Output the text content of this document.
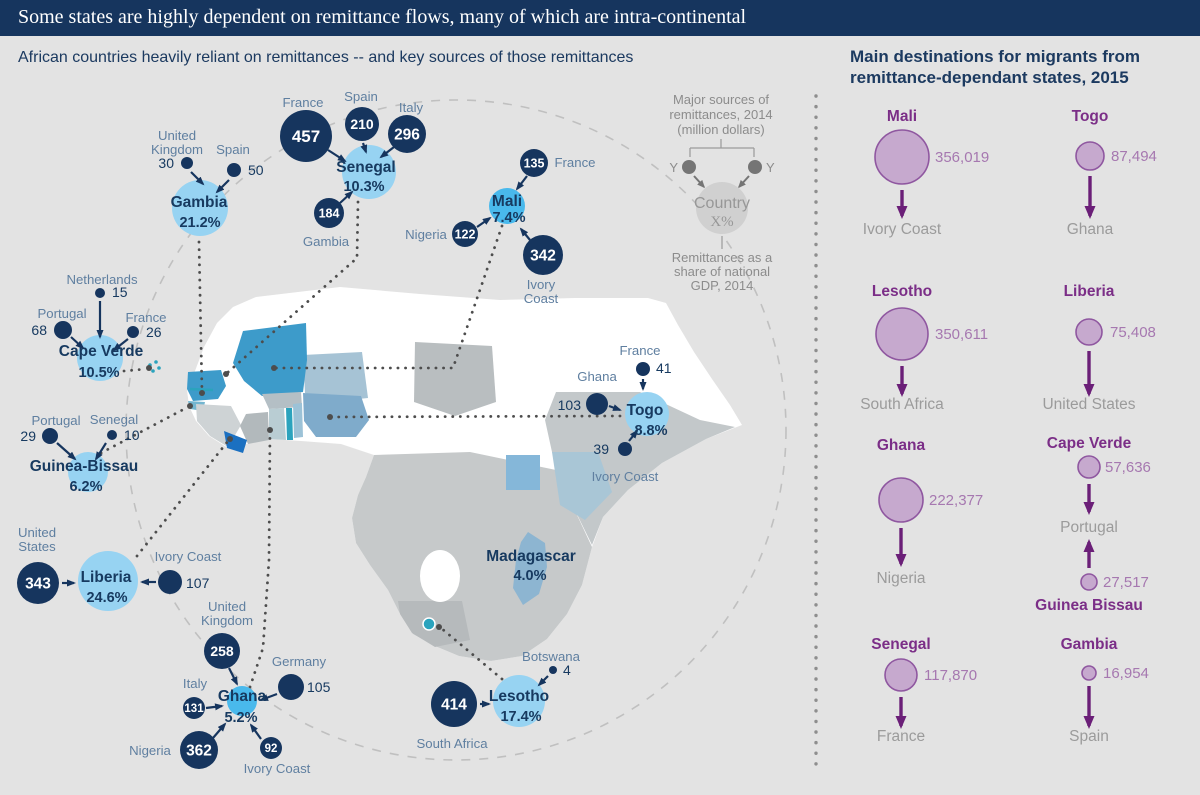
Some states are highly dependent on remittance flows, many of which are intra-continental
African countries heavily reliant on remittances -- and key sources of those remittances	Main destinations for migrants from
remittance-dependant states, 2015
30
United Kingdom
50
Spain
Gambia
21.2%
457
France
210
Spain
296
Italy
184
Gambia
Senegal
10.3%
135 France
122
Nigeria
342
Ivory Coast
Mali
7.4%
15
Netherlands
68
Portugal
26
France
Cape Verde
10.5%
29
Portugal
10
Senegal
Guinea-Bissau
6.2%
343
United States
107
Ivory Coast
Liberia
24.6%
258
United Kingdom
105
Germany
131
Italy
362
Nigeria	92
Ivory Coast
Ghana
5.2%
41
France
103
Ghana
39
Ivory Coast
Togo
8.8%
414
South Africa
4
Botswana
Lesotho
17.4%
Madagascar
4.0%
Major sources of
remittances, 2014
(million dollars)
Y	Y
Country
X%
Remittances as a
share of national
GDP, 2014
Mali
356,019
Ivory Coast
Togo
87,494
Ghana
Lesotho
350,611
South Africa
Liberia
75,408
United States
Ghana
222,377
Nigeria
Cape Verde
57,636
Portugal
Guinea Bissau
27,517
Senegal
117,870
France
Gambia
16,954
Spain
